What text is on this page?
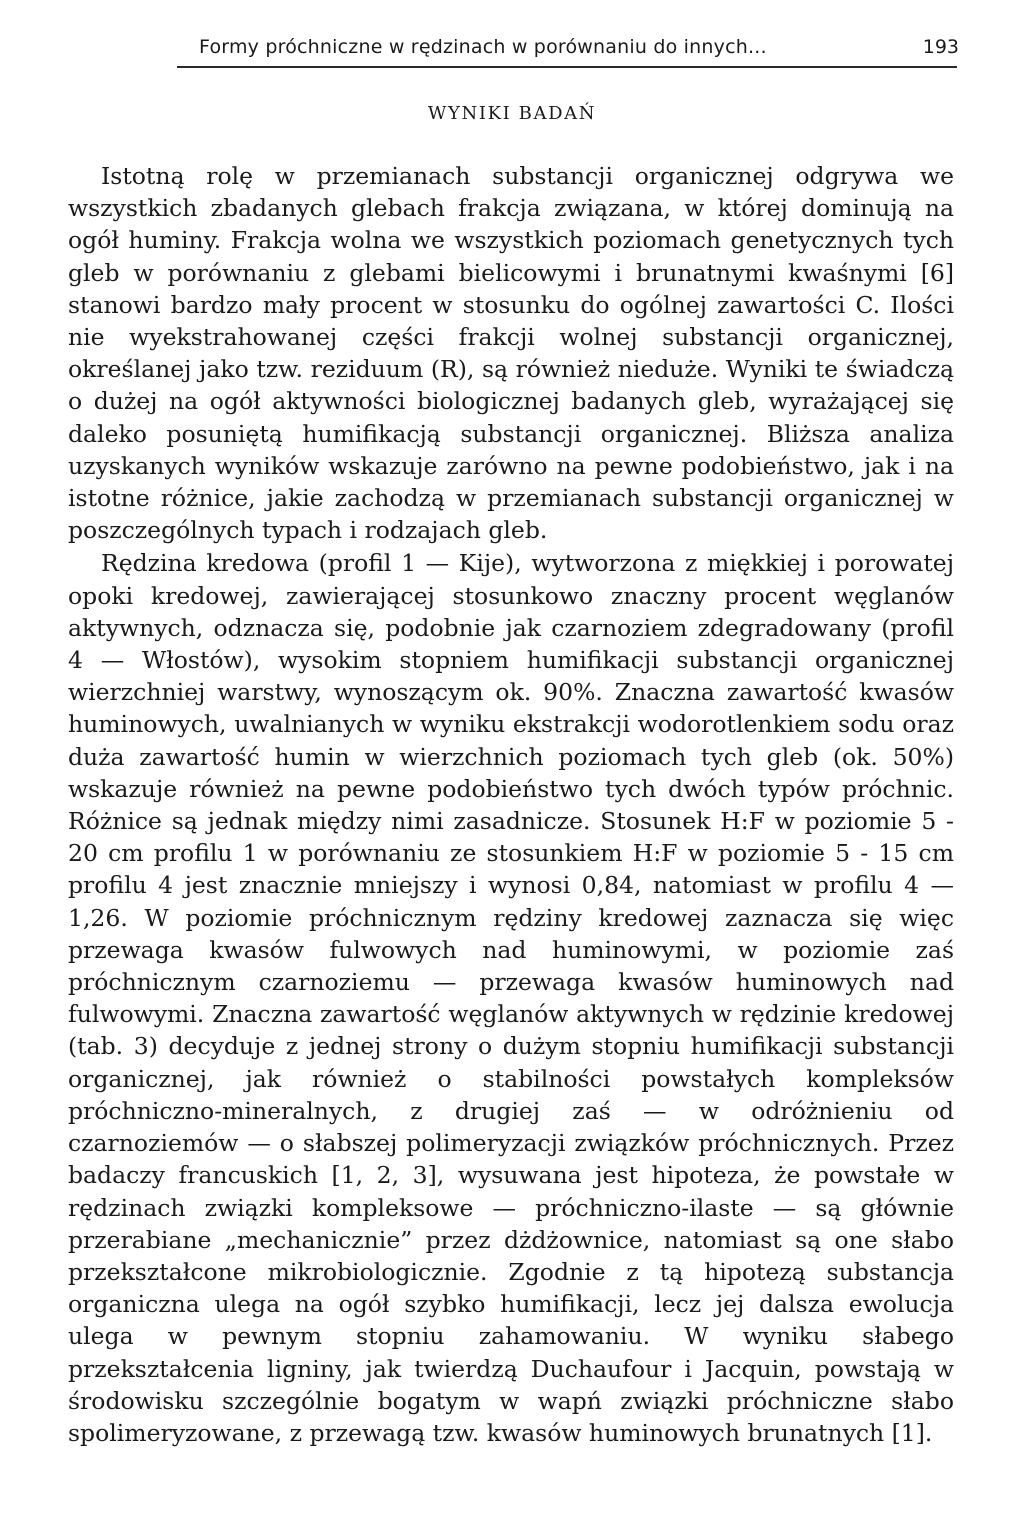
Formy próchniczne w rędzinach w porównaniu do innych...	193
WYNIKI BADAŃ

Istotną rolę w przemianach substancji organicznej odgrywa we wszystkich zbadanych glebach frakcja związana, w której dominują na ogół huminy. Frakcja wolna we wszystkich poziomach genetycznych tych gleb w porównaniu z glebami bielicowymi i brunatnymi kwaśnymi [6] stanowi bardzo mały procent w stosunku do ogólnej zawartości C. Ilości nie wyekstrahowanej części frakcji wolnej substancji organicznej, określanej jako tzw. reziduum (R), są również nieduże. Wyniki te świadczą o dużej na ogół aktywności biologicznej badanych gleb, wyrażającej się daleko posuniętą humifikacją substancji organicznej. Bliższa analiza uzyskanych wyników wskazuje zarówno na pewne podobieństwo, jak i na istotne różnice, jakie zachodzą w przemianach substancji organicznej w poszczególnych typach i rodzajach gleb.

Rędzina kredowa (profil 1 — Kije), wytworzona z miękkiej i porowatej opoki kredowej, zawierającej stosunkowo znaczny procent węglanów aktywnych, odznacza się, podobnie jak czarnoziem zdegradowany (profil 4 — Włostów), wysokim stopniem humifikacji substancji organicznej wierzchniej warstwy, wynoszącym ok. 90%. Znaczna zawartość kwasów huminowych, uwalnianych w wyniku ekstrakcji wodorotlenkiem sodu oraz duża zawartość humin w wierzchnich poziomach tych gleb (ok. 50%) wskazuje również na pewne podobieństwo tych dwóch typów próchnic. Różnice są jednak między nimi zasadnicze. Stosunek H:F w poziomie 5 - 20 cm profilu 1 w porównaniu ze stosunkiem H:F w poziomie 5 - 15 cm profilu 4 jest znacznie mniejszy i wynosi 0,84, natomiast w profilu 4 — 1,26. W poziomie próchnicznym rędziny kredowej zaznacza się więc przewaga kwasów fulwowych nad huminowymi, w poziomie zaś próchnicznym czarnoziemu — przewaga kwasów huminowych nad fulwowymi. Znaczna zawartość węglanów aktywnych w rędzinie kredowej (tab. 3) decyduje z jednej strony o dużym stopniu humifikacji substancji organicznej, jak również o stabilności powstałych kompleksów próchniczno-mineralnych, z drugiej zaś — w odróżnieniu od czarnoziemów — o słabszej polimeryzacji związków próchnicznych. Przez badaczy francuskich [1, 2, 3], wysuwana jest hipoteza, że powstałe w rędzinach związki kompleksowe — próchniczno-ilaste — są głównie przerabiane „mechanicznie” przez dżdżownice, natomiast są one słabo przekształcone mikrobiologicznie. Zgodnie z tą hipotezą substancja organiczna ulega na ogół szybko humifikacji, lecz jej dalsza ewolucja ulega w pewnym stopniu zahamowaniu. W wyniku słabego przekształcenia ligniny, jak twierdzą Duchaufour i Jacquin, powstają w środowisku szczególnie bogatym w wapń związki próchniczne słabo spolimeryzowane, z przewagą tzw. kwasów huminowych brunatnych [1].
